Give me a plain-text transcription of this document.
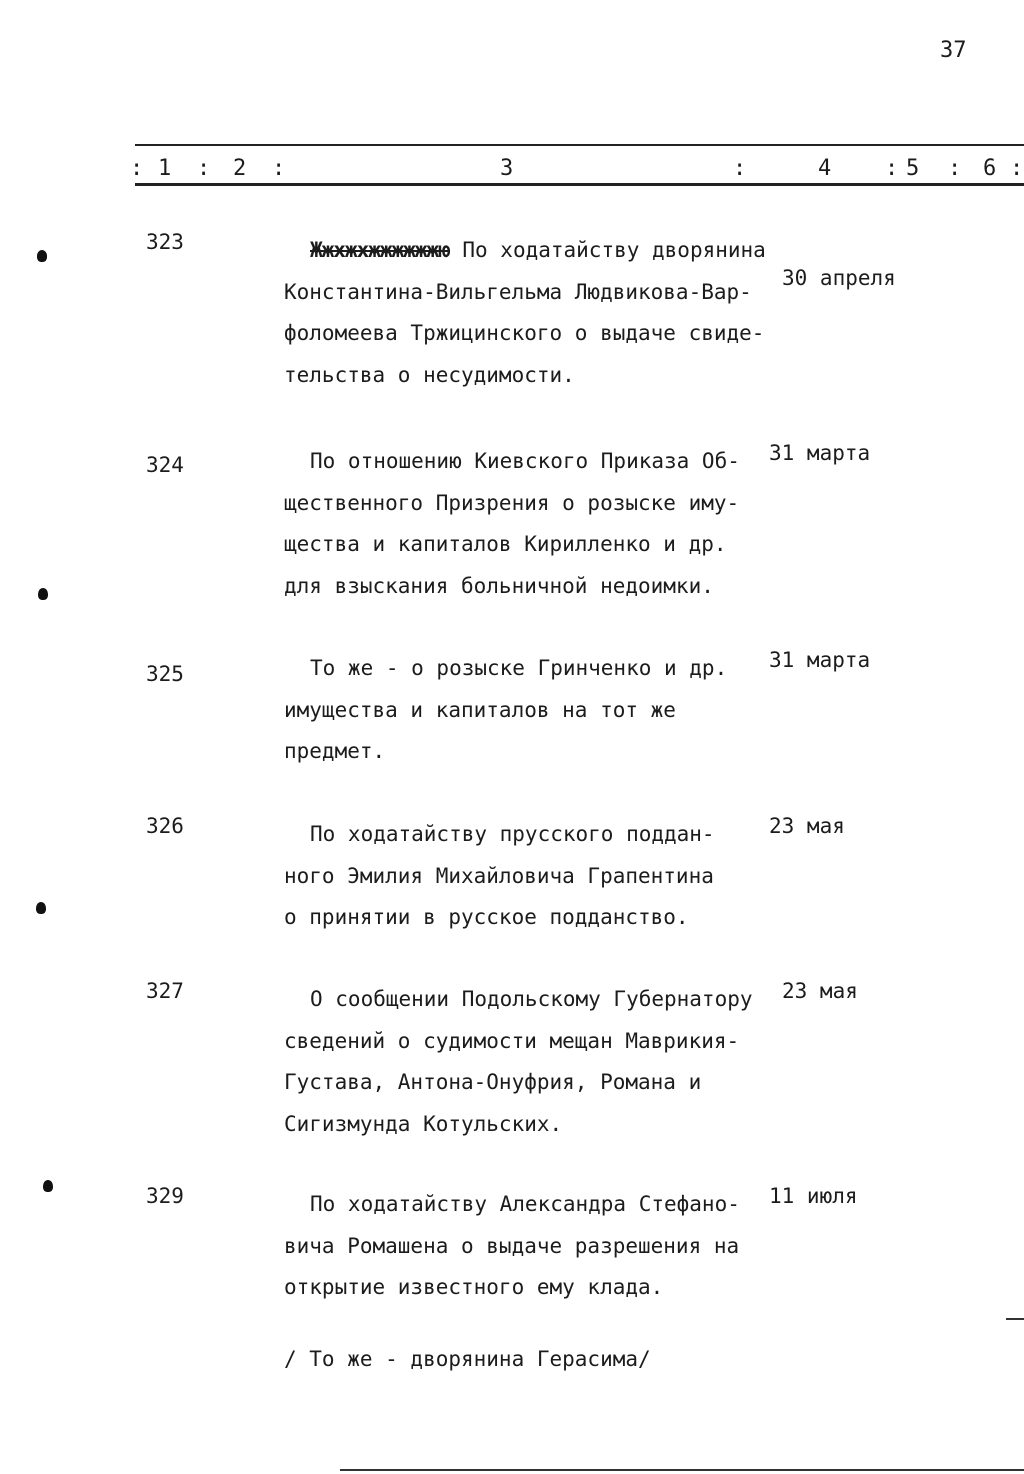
37
: 1 : 2 :	3	:	4 : 5 : 6 :
323	Жжхжхжжжжжжю По ходатайству дворянина
Константина-Вильгельма Людвикова-Вар-
фоломеева Тржицинского о выдаче свиде-
тельства о несудимости.
30 апреля
324	По отношению Киевского Приказа Об-
щественного Призрения о розыске иму-
щества и капиталов Кирилленко и др.
для взыскания больничной недоимки.
31 марта
325	То же - о розыске Гринченко и др.
имущества и капиталов на тот же
предмет.
31 марта
326	По ходатайству прусского поддан-
ного Эмилия Михайловича Грапентина
о принятии в русское подданство.
23 мая
327	О сообщении Подольскому Губернатору
сведений о судимости мещан Маврикия-
Густава, Антона-Онуфрия, Романа и
Сигизмунда Котульских.
23 мая
329	По ходатайству Александра Стефано-
вича Ромашена о выдаче разрешения на
открытие известного ему клада.
11 июля
/ То же - дворянина Герасима/
